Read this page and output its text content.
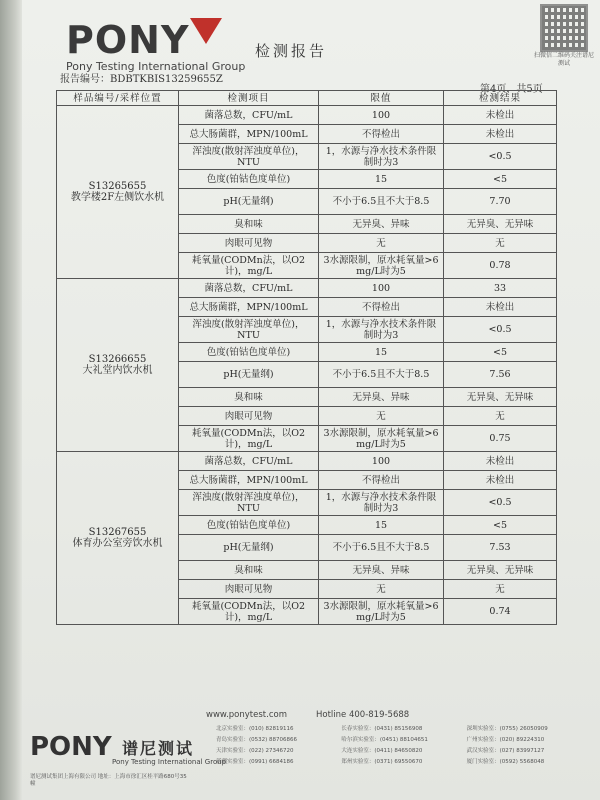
PONY
Pony Testing International Group
检测报告	扫微信二维码关注谱尼测试
报告编号：BDBTKBIS13259655Z
第4页，共5页
样品编号/采样位置	检测项目	限值	检测结果

S13265655
教学楼2F左侧饮水机	菌落总数，CFU/mL	100	未检出
	总大肠菌群，MPN/100mL	不得检出	未检出
	浑浊度(散射浑浊度单位)，NTU	1，水源与净水技术条件限制时为3	<0.5
	色度(铂钴色度单位)	15	<5
	pH(无量纲)	不小于6.5且不大于8.5	7.70
	臭和味	无异臭、异味	无异臭、无异味
	肉眼可见物	无	无
	耗氧量(CODMn法，以O2计)，mg/L	3水源限制，原水耗氧量>6 mg/L时为5	0.78

S13266655
大礼堂内饮水机	菌落总数，CFU/mL	100	33
	总大肠菌群，MPN/100mL	不得检出	未检出
	浑浊度(散射浑浊度单位)，NTU	1，水源与净水技术条件限制时为3	<0.5
	色度(铂钴色度单位)	15	<5
	pH(无量纲)	不小于6.5且不大于8.5	7.56
	臭和味	无异臭、异味	无异臭、无异味
	肉眼可见物	无	无
	耗氧量(CODMn法，以O2计)，mg/L	3水源限制，原水耗氧量>6 mg/L时为5	0.75

S13267655
体育办公室旁饮水机	菌落总数，CFU/mL	100	未检出
	总大肠菌群，MPN/100mL	不得检出	未检出
	浑浊度(散射浑浊度单位)，NTU	1，水源与净水技术条件限制时为3	<0.5
	色度(铂钴色度单位)	15	<5
	pH(无量纲)	不小于6.5且不大于8.5	7.53
	臭和味	无异臭、异味	无异臭、无异味
	肉眼可见物	无	无
	耗氧量(CODMn法，以O2计)，mg/L	3水源限制，原水耗氧量>6 mg/L时为5	0.74
www.ponytest.com	Hotline 400-819-5688
PONY 谱尼测试
Pony Testing International Group
谱尼测试集团上海有限公司 地址：上海市徐汇区桂平路680号35幢
北京实验室：(010) 82819116	长春实验室：(0431) 85156908	深圳实验室：(0755) 26050909
青岛实验室：(0532) 88706866	哈尔滨实验室：(0451) 88104651	广州实验室：(020) 89224310
天津实验室：(022) 27346720	大连实验室：(0411) 84650820	武汉实验室：(027) 83997127
新疆实验室：(0991) 6684186	郑州实验室：(0371) 69550670	厦门实验室：(0592) 5568048
